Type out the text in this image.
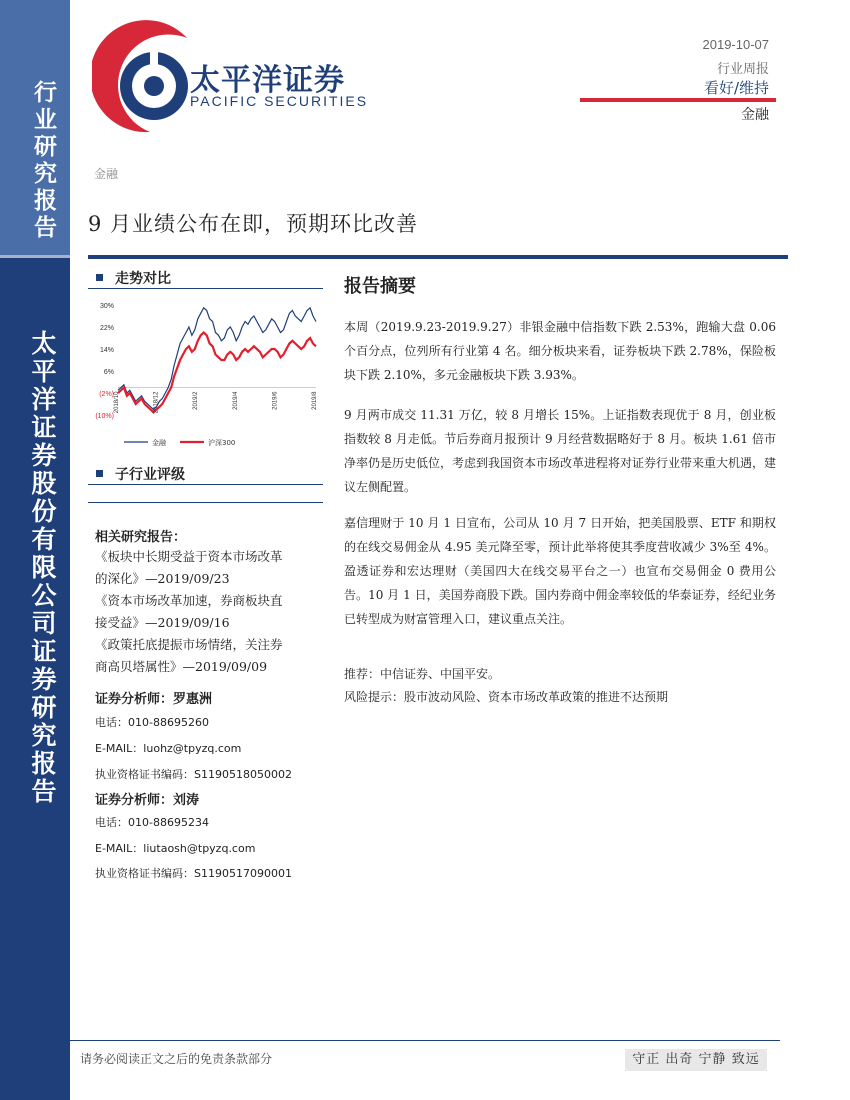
行业研究报告
太平洋证券股份有限公司证券研究报告
太平洋证券
PACIFIC SECURITIES
2019-10-07
行业周报
看好/维持
金融
金融
9 月业绩公布在即，预期环比改善
走势对比
30%
22%
14%
6%
(2%)
(10%)
2018/10	2018/12	2019/2	2019/4	2019/6	2019/8
金融	沪深300
子行业评级
相关研究报告：
《板块中长期受益于资本市场改革
的深化》—2019/09/23
《资本市场改革加速，券商板块直
接受益》—2019/09/16
《政策托底提振市场情绪，关注券
商高贝塔属性》—2019/09/09
证券分析师：罗惠洲
电话：010-88695260
E-MAIL：luohz@tpyzq.com
执业资格证书编码：S1190518050002
证券分析师：刘涛
电话：010-88695234
E-MAIL：liutaosh@tpyzq.com
执业资格证书编码：S1190517090001
报告摘要
本周（2019.9.23-2019.9.27）非银金融中信指数下跌 2.53%，跑输大盘 0.06 个百分点，位列所有行业第 4 名。细分板块来看，证券板块下跌 2.78%，保险板块下跌 2.10%，多元金融板块下跌 3.93%。
9 月两市成交 11.31 万亿，较 8 月增长 15%。上证指数表现优于 8 月，创业板指数较 8 月走低。节后券商月报预计 9 月经营数据略好于 8 月。板块 1.61 倍市净率仍是历史低位，考虑到我国资本市场改革进程将对证券行业带来重大机遇，建议左侧配置。
嘉信理财于 10 月 1 日宣布，公司从 10 月 7 日开始，把美国股票、ETF 和期权的在线交易佣金从 4.95 美元降至零，预计此举将使其季度营收减少 3%至 4%。盈透证券和宏达理财（美国四大在线交易平台之一）也宣布交易佣金 0 费用公告。10 月 1 日，美国券商股下跌。国内券商中佣金率较低的华泰证券，经纪业务已转型成为财富管理入口，建议重点关注。
推荐：中信证券、中国平安。
风险提示：股市波动风险、资本市场改革政策的推进不达预期
请务必阅读正文之后的免责条款部分	守正 出奇 宁静 致远
